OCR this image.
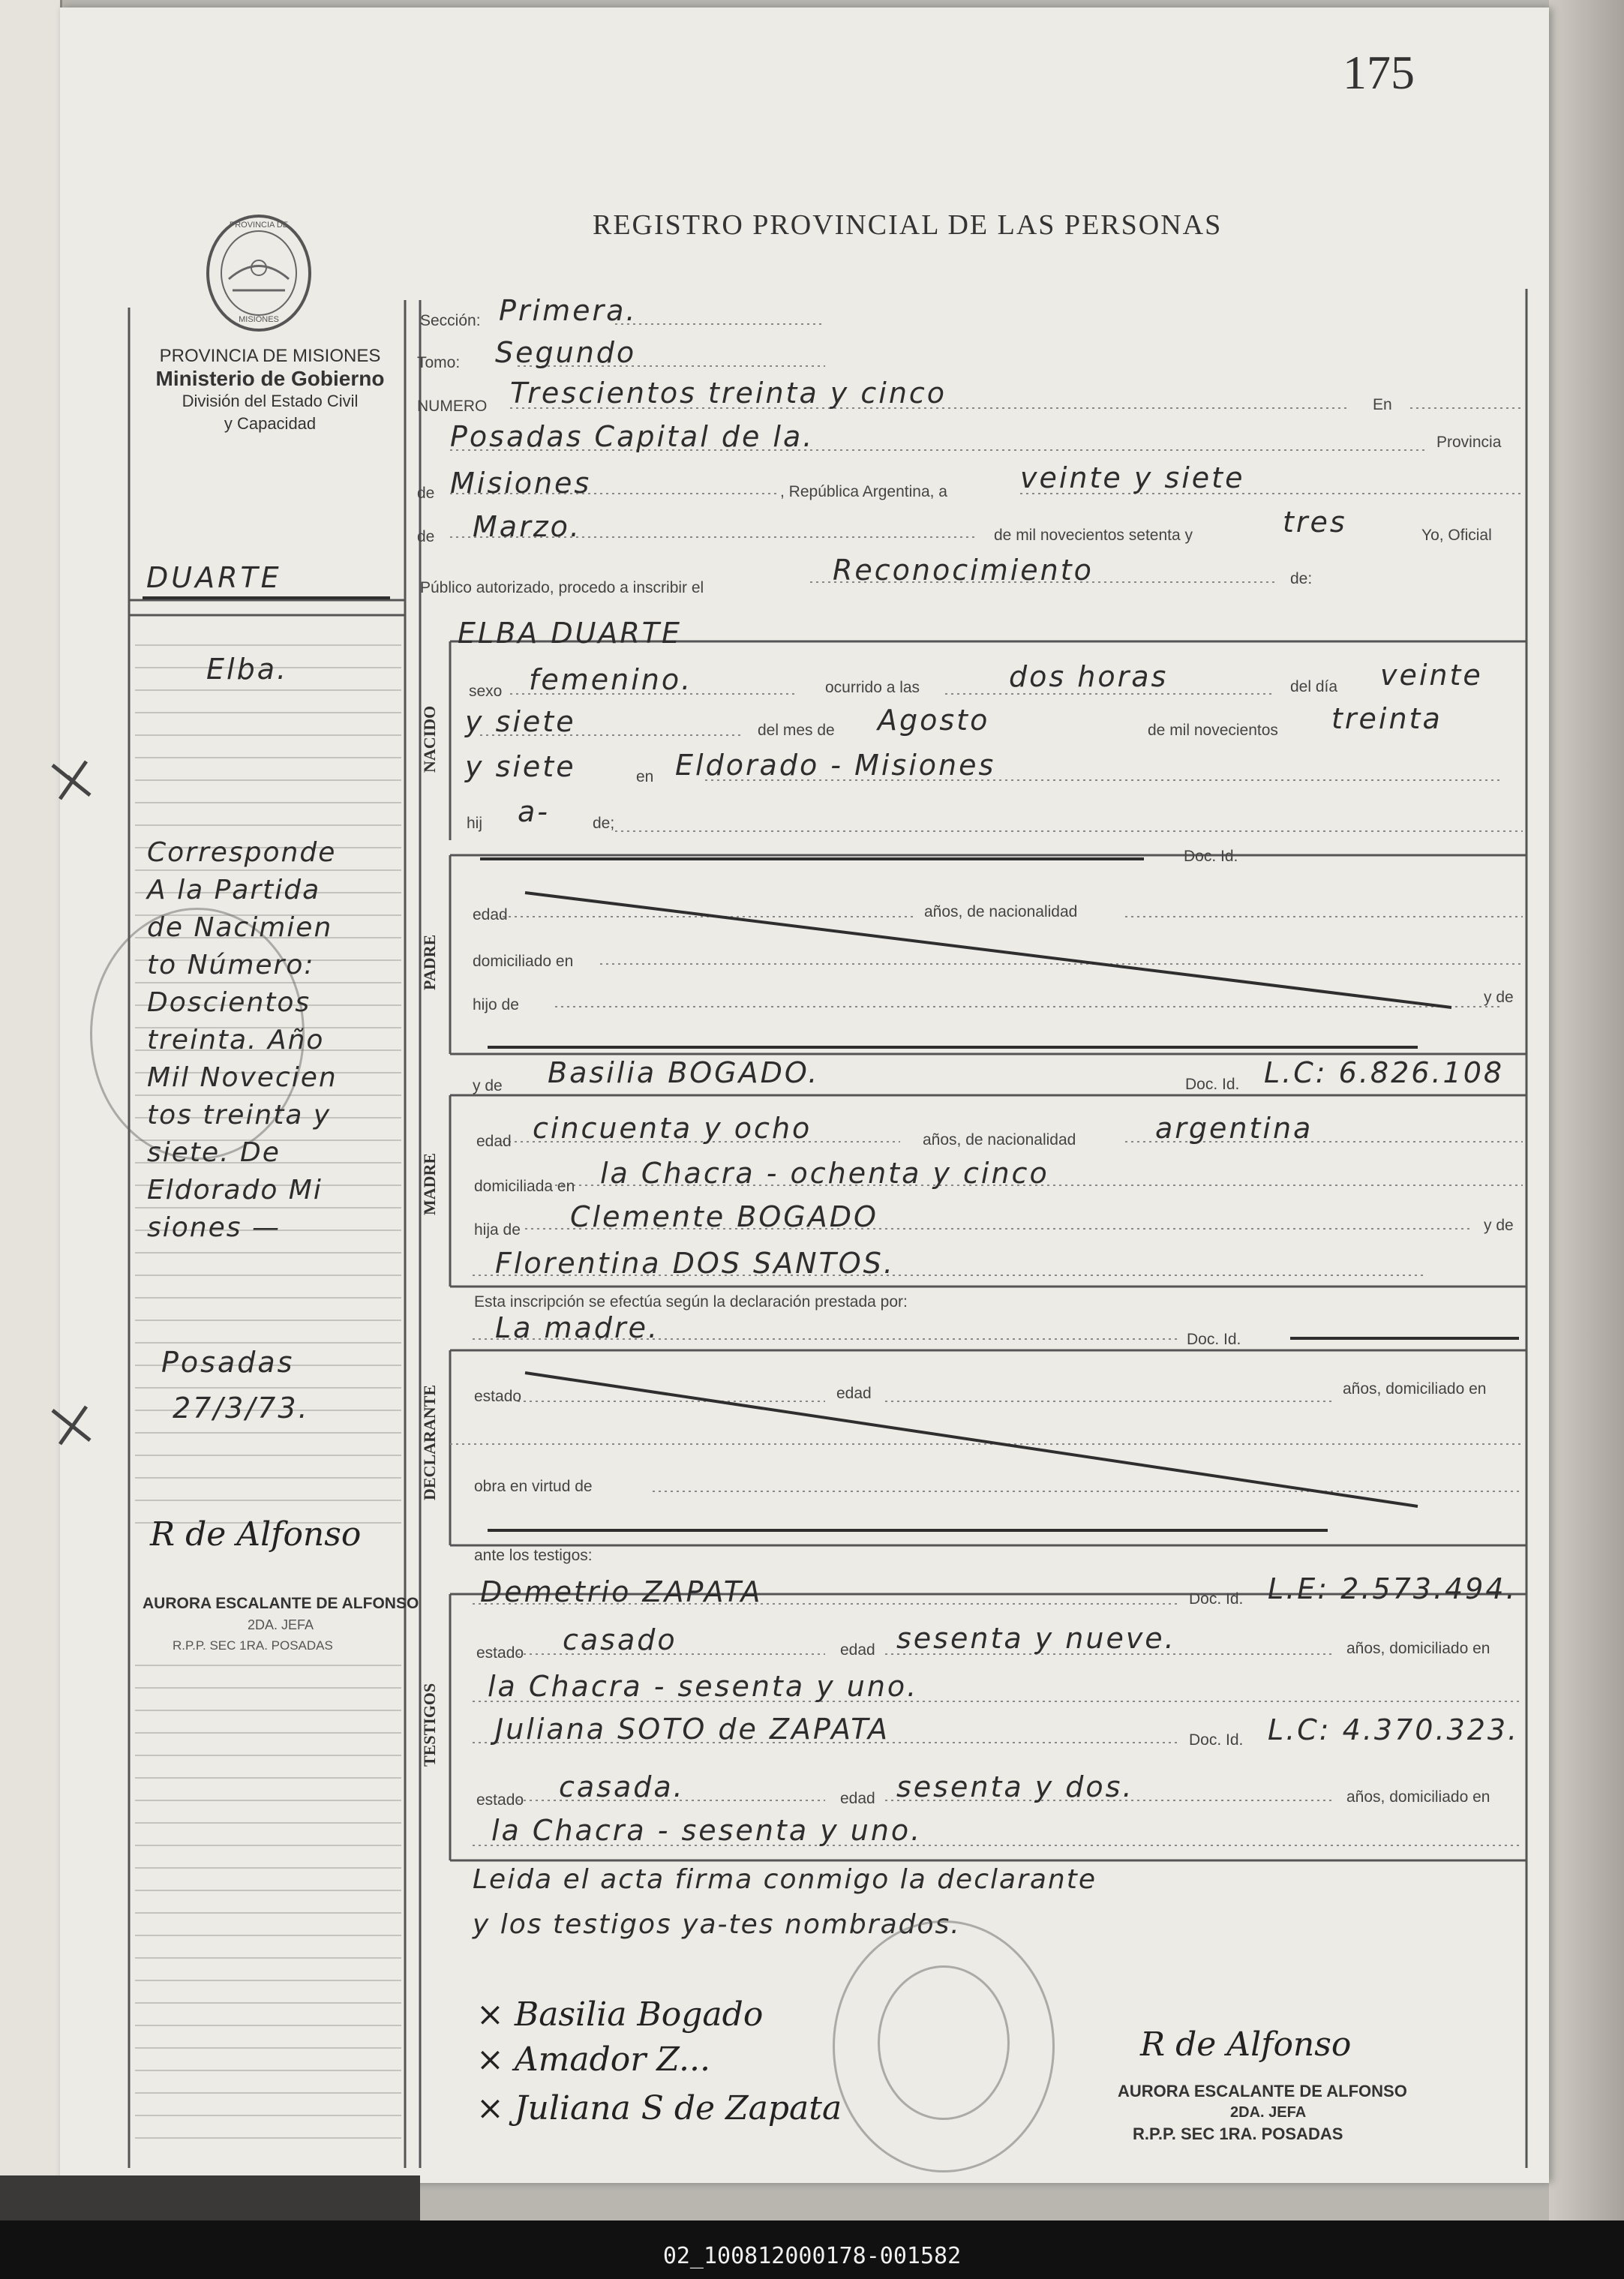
02_100812000178-001582
175
REGISTRO PROVINCIAL DE LAS PERSONAS
PROVINCIA DE
MISIONES
PROVINCIA DE MISIONES
Ministerio de Gobierno
División del Estado Civil
y Capacidad
NACIDO
PADRE
MADRE
DECLARANTE
TESTIGOS
Sección: Primera.
Tomo: Segundo
NUMERO Trescientos treinta y cinco	En
Posadas Capital de la.	Provincia
de Misiones	, República Argentina, a	veinte y siete
de Marzo.	de mil novecientos setenta y	tres	Yo, Oficial
Público autorizado, procedo a inscribir el
Reconocimiento	de:
ELBA DUARTE
sexo femenino.	ocurrido a las	dos horas	del día veinte
y siete	del mes de Agosto	de mil novecientos treinta
y siete	en Eldorado - Misiones
hij a-	de;
Doc. Id.
edad	años, de nacionalidad
domiciliado en
hijo de	y de
y de Basilia BOGADO.	Doc. Id. L.C: 6.826.108
edad cincuenta y ocho	años, de nacionalidad	argentina
domiciliada en la Chacra - ochenta y cinco
hija de Clemente BOGADO	y de
Florentina DOS SANTOS.
Esta inscripción se efectúa según la declaración prestada por:
La madre.	Doc. Id.
estado	edad	años, domiciliado en
obra en virtud de
ante los testigos:
Demetrio ZAPATA	Doc. Id. L.E: 2.573.494.
estado casado	edad sesenta y nueve.	años, domiciliado en
la Chacra - sesenta y uno.
Juliana SOTO de ZAPATA	Doc. Id. L.C: 4.370.323.
estado casada.	edad sesenta y dos.	años, domiciliado en
la Chacra - sesenta y uno.
Leida el acta firma conmigo la declarante
y los testigos ya-tes nombrados.
× Basilia Bogado
× Amador Z...
× Juliana S de Zapata
R de Alfonso
AURORA ESCALANTE DE ALFONSO
2DA. JEFA
R.P.P. SEC 1RA. POSADAS
DUARTE
Elba.
Corresponde
A la Partida
de Nacimien
to Número:
Doscientos
treinta. Año
Mil Novecien
tos treinta y
siete. De
Eldorado Mi
siones —
Posadas
27/3/73.
R de Alfonso
AURORA ESCALANTE DE ALFONSO
2DA. JEFA
R.P.P. SEC 1RA. POSADAS
